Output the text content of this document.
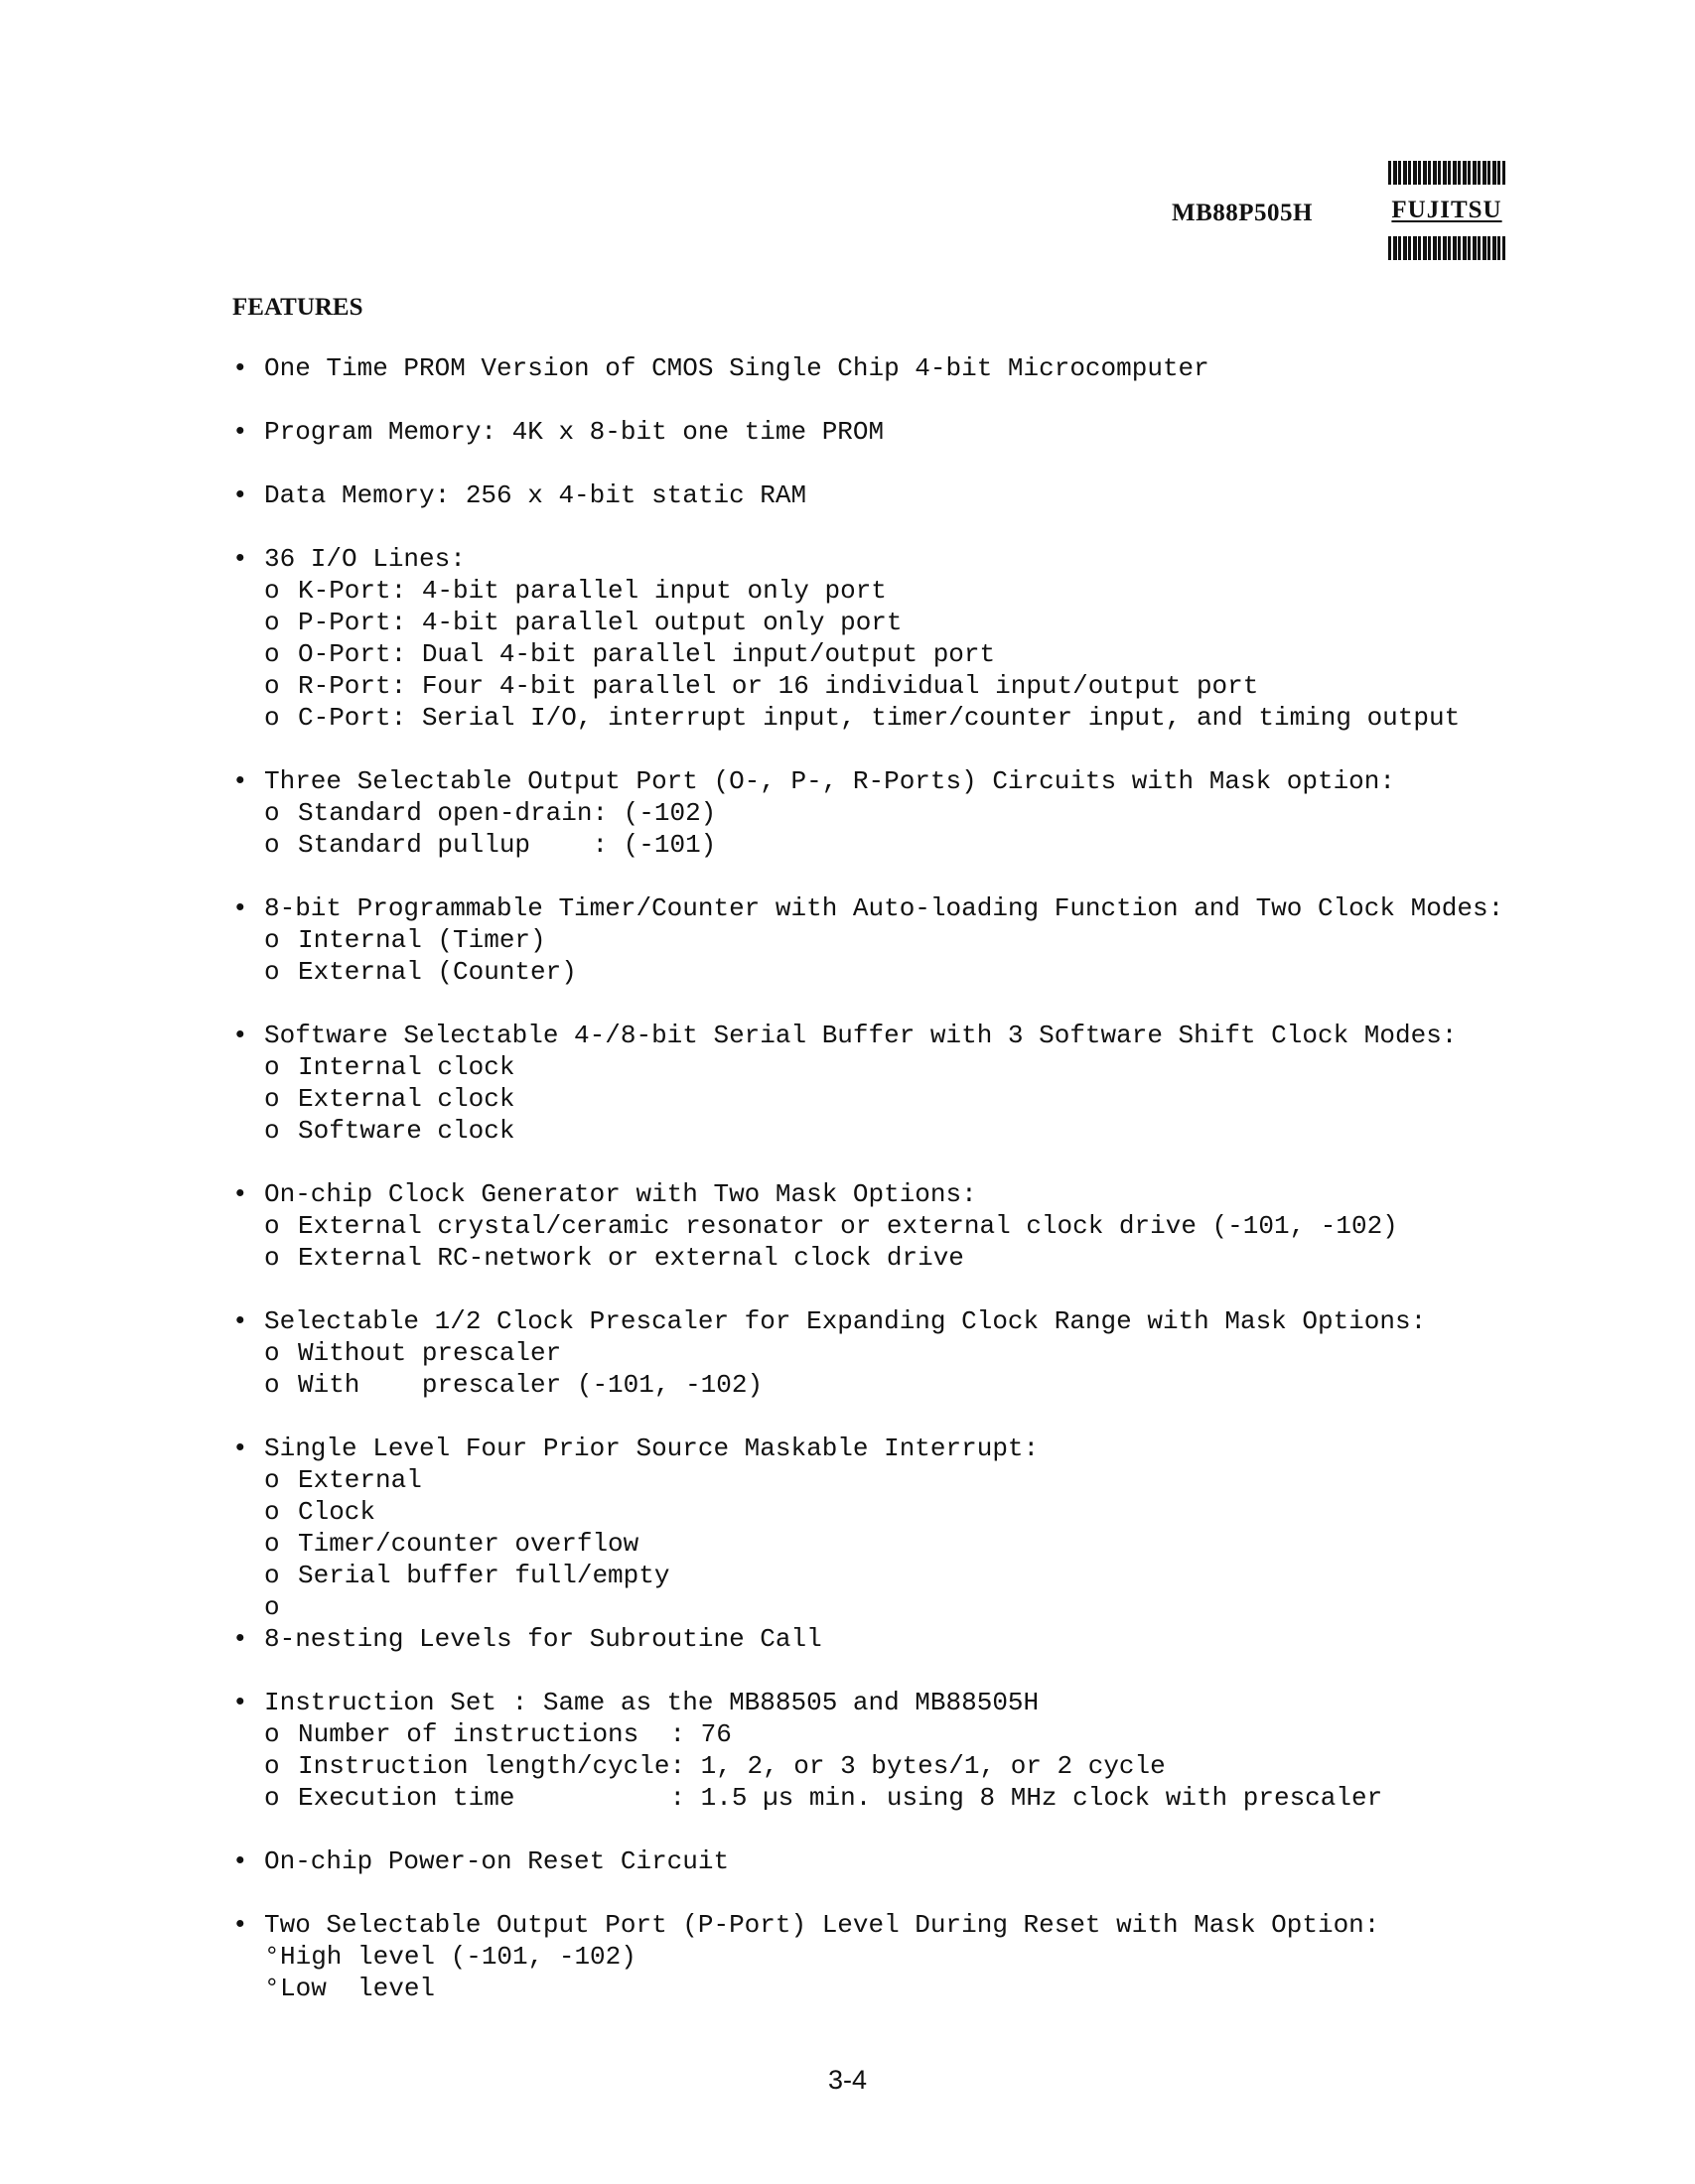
MB88P505H	FUJITSU
FEATURES
• One Time PROM Version of CMOS Single Chip 4-bit Microcomputer
• Program Memory: 4K x 8-bit one time PROM
• Data Memory: 256 x 4-bit static RAM
• 36 I/O Lines:
o K-Port: 4-bit parallel input only port
o P-Port: 4-bit parallel output only port
o O-Port: Dual 4-bit parallel input/output port
o R-Port: Four 4-bit parallel or 16 individual input/output port
o C-Port: Serial I/O, interrupt input, timer/counter input, and timing output
• Three Selectable Output Port (O-, P-, R-Ports) Circuits with Mask option:
o Standard open-drain: (-102)
o Standard pullup    : (-101)
• 8-bit Programmable Timer/Counter with Auto-loading Function and Two Clock Modes:
o Internal (Timer)
o External (Counter)
• Software Selectable 4-/8-bit Serial Buffer with 3 Software Shift Clock Modes:
o Internal clock
o External clock
o Software clock
• On-chip Clock Generator with Two Mask Options:
o External crystal/ceramic resonator or external clock drive (-101, -102)
o External RC-network or external clock drive
• Selectable 1/2 Clock Prescaler for Expanding Clock Range with Mask Options:
o Without prescaler
o With    prescaler (-101, -102)
• Single Level Four Prior Source Maskable Interrupt:
o External
o Clock
o Timer/counter overflow
o Serial buffer full/empty
o
• 8-nesting Levels for Subroutine Call
• Instruction Set : Same as the MB88505 and MB88505H
o Number of instructions  : 76
o Instruction length/cycle: 1, 2, or 3 bytes/1, or 2 cycle
o Execution time          : 1.5 µs min. using 8 MHz clock with prescaler
• On-chip Power-on Reset Circuit
• Two Selectable Output Port (P-Port) Level During Reset with Mask Option:
°High level (-101, -102)
°Low  level
3-4
